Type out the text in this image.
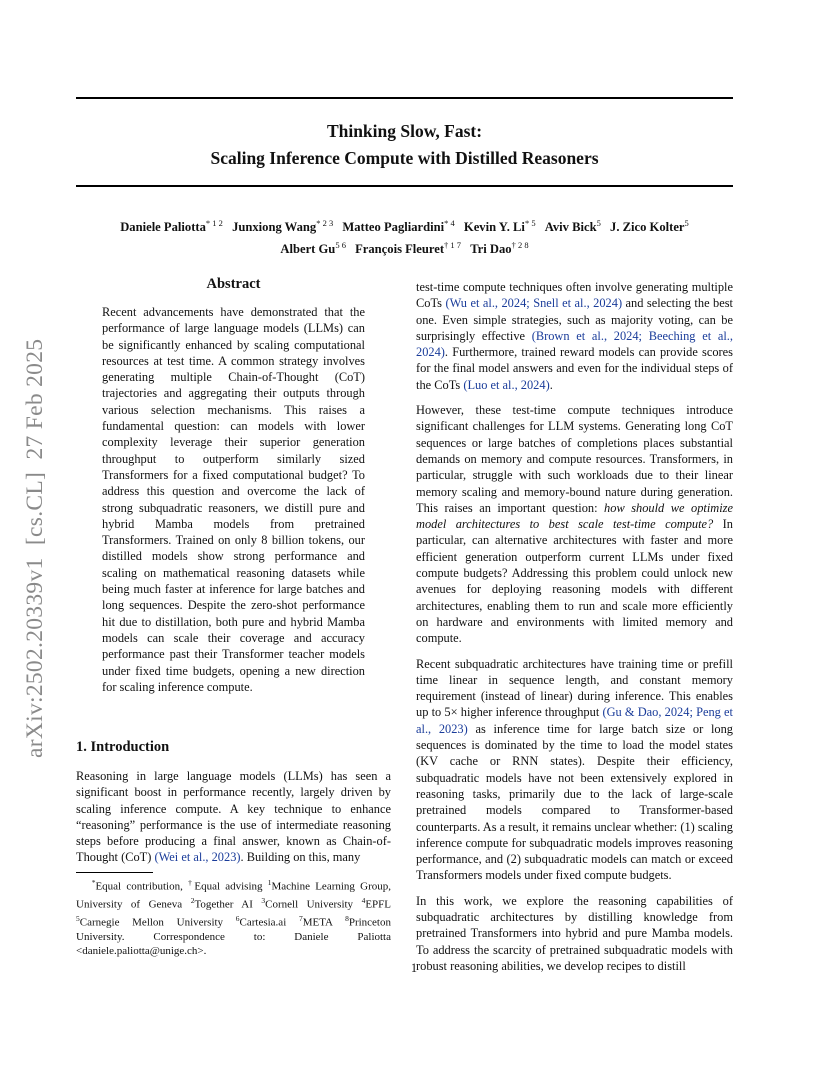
Thinking Slow, Fast:
Scaling Inference Compute with Distilled Reasoners
Daniele Paliotta$^{* 1 2}$ Junxiong Wang$^{* 2 3}$ Matteo Pagliardini$^{* 4}$ Kevin Y. Li$^{* 5}$ Aviv Bick$^5$ J. Zico Kolter$^5$
Albert $Gu^{5 6}$ François Fleuret$^{\dagger 1 7}$ Tri Dao$^{\dagger 2 8}$
arXiv:2502.20339v1  [cs.CL]  27 Feb 2025
Abstract
Recent advancements have demonstrated that the performance of large language models (LLMs) can be significantly enhanced by scaling computational resources at test time. A common strategy involves generating multiple Chain-of-Thought (CoT) trajectories and aggregating their outputs through various selection mechanisms. This raises a fundamental question: can models with lower complexity leverage their superior generation throughput to outperform similarly sized Transformers for a fixed computational budget? To address this question and overcome the lack of strong subquadratic reasoners, we distill pure and hybrid Mamba models from pretrained Transformers. Trained on only 8 billion tokens, our distilled models show strong performance and scaling on mathematical reasoning datasets while being much faster at inference for large batches and long sequences. Despite the zero-shot performance hit due to distillation, both pure and hybrid Mamba models can scale their coverage and accuracy performance past their Transformer teacher models under fixed time budgets, opening a new direction for scaling inference compute.
1. Introduction
Reasoning in large language models (LLMs) has seen a significant boost in performance recently, largely driven by scaling inference compute. A key technique to enhance “reasoning” performance is the use of intermediate reasoning steps before producing a final answer, known as Chain-of-Thought (CoT) (Wei et al., 2023). Building on this, many
*Equal contribution, †Equal advising $^1$Machine Learning Group, University of Geneva $^2$Together AI $^3$Cornell University $^4$EPFL $^5$Carnegie Mellon University $^6$Cartesia.ai $^7$META $^8$Princeton University. Correspondence to: Daniele Paliotta <daniele.paliotta@unige.ch>.

test-time compute techniques often involve generating multiple CoTs (Wu et al., 2024; Snell et al., 2024) and selecting the best one. Even simple strategies, such as majority voting, can be surprisingly effective (Brown et al., 2024; Beeching et al., 2024). Furthermore, trained reward models can provide scores for the final model answers and even for the individual steps of the CoTs (Luo et al., 2024).

However, these test-time compute techniques introduce significant challenges for LLM systems. Generating long CoT sequences or large batches of completions places substantial demands on memory and compute resources. Transformers, in particular, struggle with such workloads due to their linear memory scaling and memory-bound nature during generation. This raises an important question: how should we optimize model architectures to best scale test-time compute? In particular, can alternative architectures with faster and more efficient generation outperform current LLMs under fixed compute budgets? Addressing this problem could unlock new avenues for deploying reasoning models with different architectures, enabling them to run and scale more efficiently on hardware and environments with limited memory and compute.

Recent subquadratic architectures have training time or prefill time linear in sequence length, and constant memory requirement (instead of linear) during inference. This enables up to 5× higher inference throughput (Gu & Dao, 2024; Peng et al., 2023) as inference time for large batch size or long sequences is dominated by the time to load the model states (KV cache or RNN states). Despite their efficiency, subquadratic models have not been extensively explored in reasoning tasks, primarily due to the lack of large-scale pretrained models compared to Transformer-based counterparts. As a result, it remains unclear whether: (1) scaling inference compute for subquadratic models improves reasoning performance, and (2) subquadratic models can match or exceed Transformers models under fixed compute budgets.

In this work, we explore the reasoning capabilities of subquadratic architectures by distilling knowledge from pretrained Transformers into hybrid and pure Mamba models. To address the scarcity of pretrained subquadratic models with robust reasoning abilities, we develop recipes to distill

1
